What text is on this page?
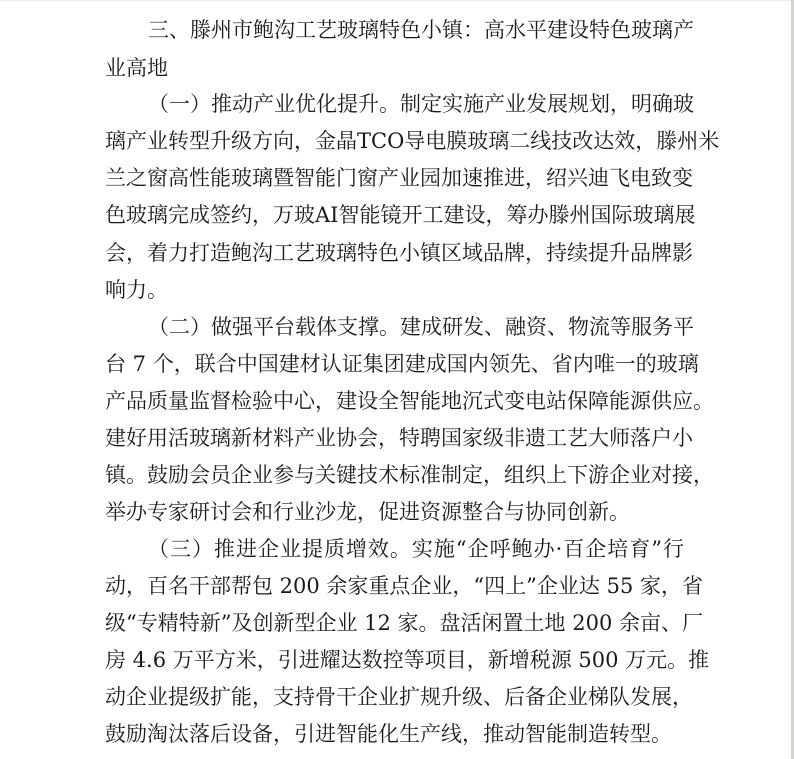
三、滕州市鲍沟工艺玻璃特色小镇：高水平建设特色玻璃产
业高地
（一）推动产业优化提升。制定实施产业发展规划，明确玻
璃产业转型升级方向，金晶TCO导电膜玻璃二线技改达效，滕州米
兰之窗高性能玻璃暨智能门窗产业园加速推进，绍兴迪飞电致变
色玻璃完成签约，万玻AI智能镜开工建设，筹办滕州国际玻璃展
会，着力打造鲍沟工艺玻璃特色小镇区域品牌，持续提升品牌影
响力。
（二）做强平台载体支撑。建成研发、融资、物流等服务平
台 7 个，联合中国建材认证集团建成国内领先、省内唯一的玻璃
产品质量监督检验中心，建设全智能地沉式变电站保障能源供应。
建好用活玻璃新材料产业协会，特聘国家级非遗工艺大师落户小
镇。鼓励会员企业参与关键技术标准制定，组织上下游企业对接，
举办专家研讨会和行业沙龙，促进资源整合与协同创新。
（三）推进企业提质增效。实施“企呼鲍办·百企培育”行
动，百名干部帮包 200 余家重点企业，“四上”企业达 55 家，省
级“专精特新”及创新型企业 12 家。盘活闲置土地 200 余亩、厂
房 4.6 万平方米，引进耀达数控等项目，新增税源 500 万元。推
动企业提级扩能，支持骨干企业扩规升级、后备企业梯队发展，
鼓励淘汰落后设备，引进智能化生产线，推动智能制造转型。
